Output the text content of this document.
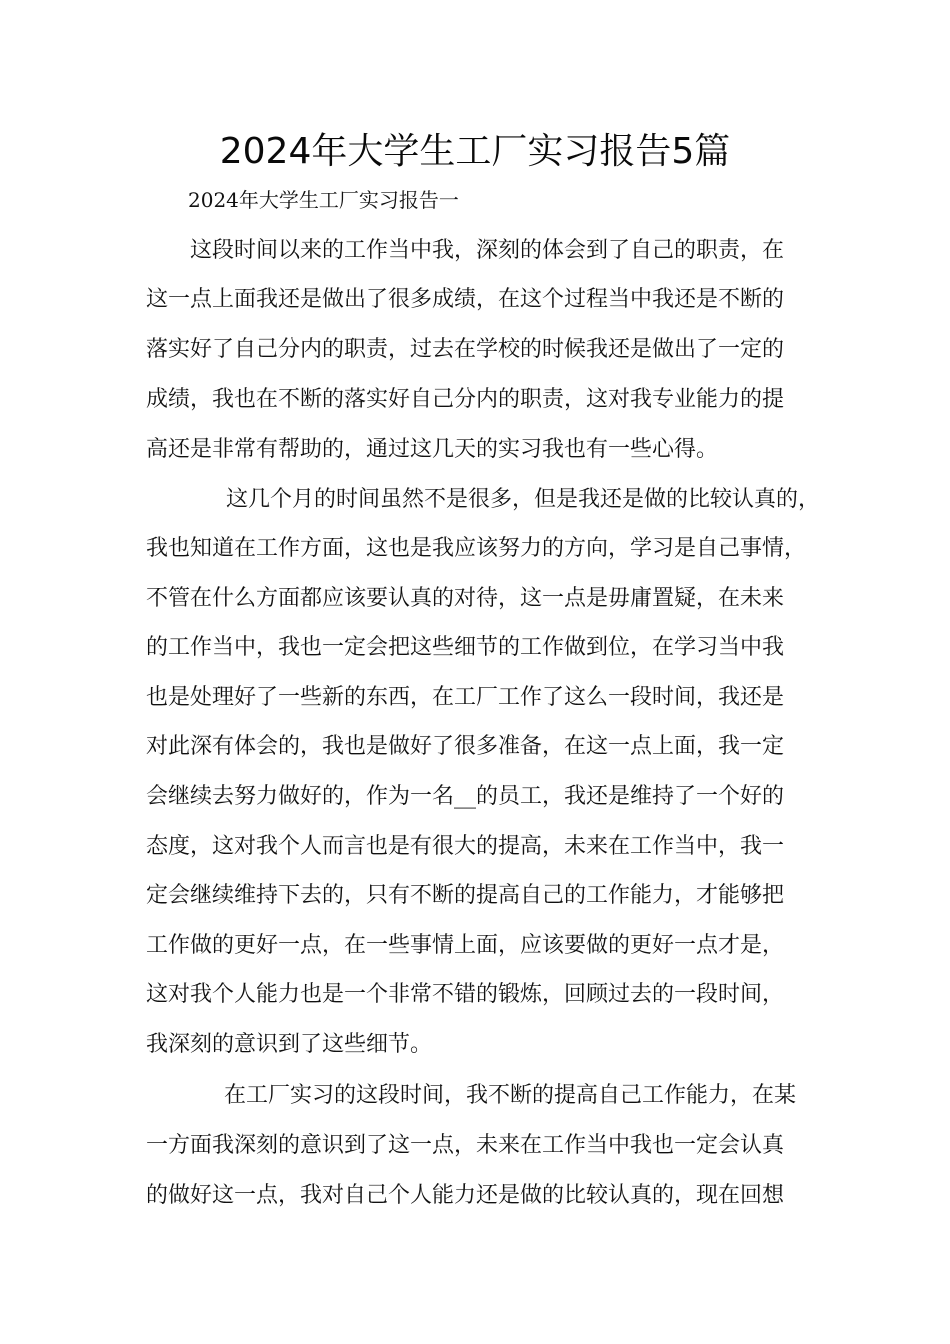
2024年大学生工厂实习报告5篇
2024年大学生工厂实习报告一
这段时间以来的工作当中我，深刻的体会到了自己的职责，在
这一点上面我还是做出了很多成绩，在这个过程当中我还是不断的
落实好了自己分内的职责，过去在学校的时候我还是做出了一定的
成绩，我也在不断的落实好自己分内的职责，这对我专业能力的提
高还是非常有帮助的，通过这几天的实习我也有一些心得。
这几个月的时间虽然不是很多，但是我还是做的比较认真的，
我也知道在工作方面，这也是我应该努力的方向，学习是自己事情，
不管在什么方面都应该要认真的对待，这一点是毋庸置疑，在未来
的工作当中，我也一定会把这些细节的工作做到位，在学习当中我
也是处理好了一些新的东西，在工厂工作了这么一段时间，我还是
对此深有体会的，我也是做好了很多准备，在这一点上面，我一定
会继续去努力做好的，作为一名__的员工，我还是维持了一个好的
态度，这对我个人而言也是有很大的提高，未来在工作当中，我一
定会继续维持下去的，只有不断的提高自己的工作能力，才能够把
工作做的更好一点，在一些事情上面，应该要做的更好一点才是，
这对我个人能力也是一个非常不错的锻炼，回顾过去的一段时间，
我深刻的意识到了这些细节。
在工厂实习的这段时间，我不断的提高自己工作能力，在某
一方面我深刻的意识到了这一点，未来在工作当中我也一定会认真
的做好这一点，我对自己个人能力还是做的比较认真的，现在回想
